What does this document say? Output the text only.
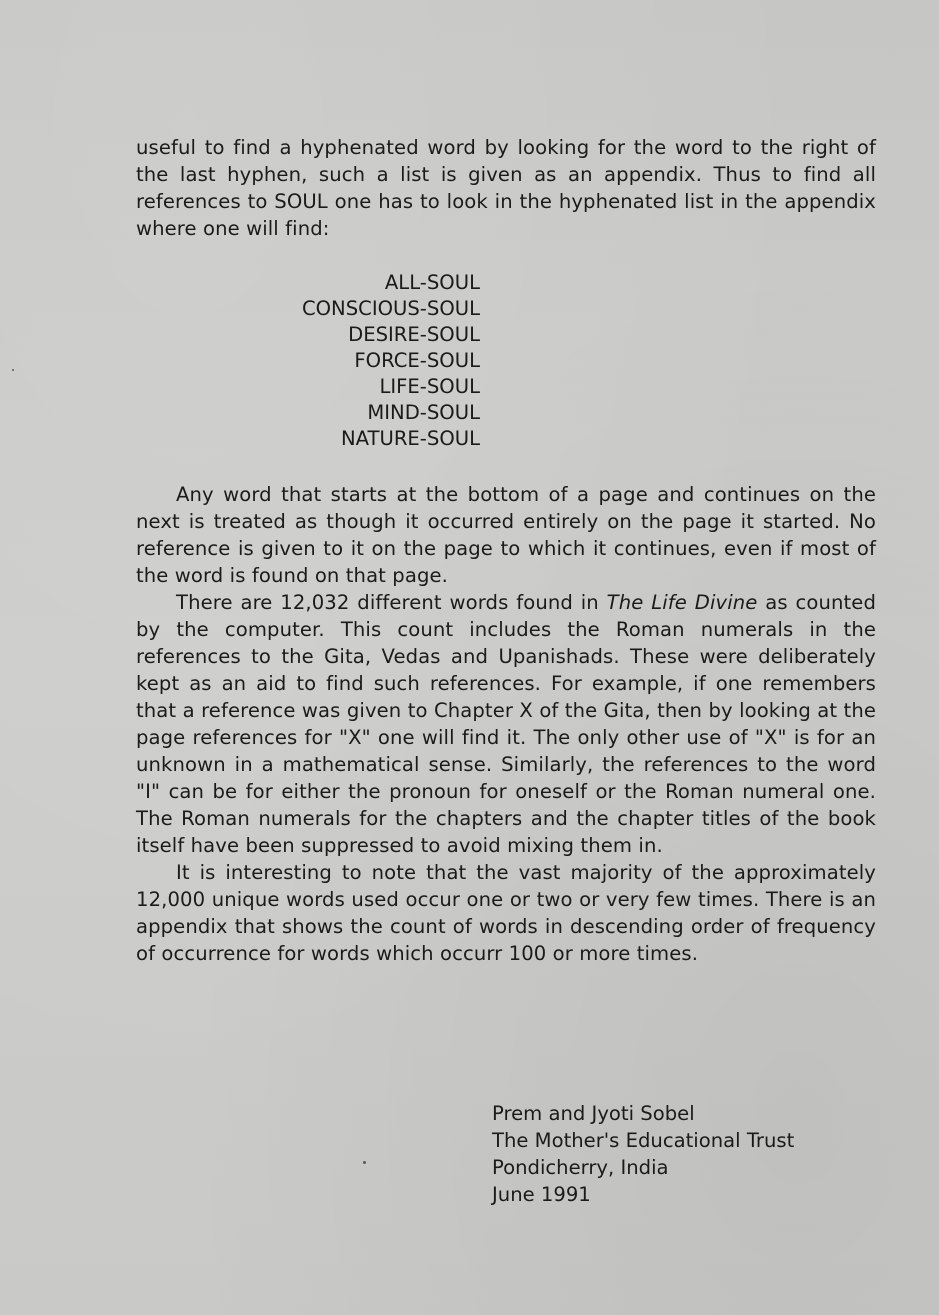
useful to find a hyphenated word by looking for the word to the right of the last hyphen, such a list is given as an appendix. Thus to find all references to SOUL one has to look in the hyphenated list in the appendix where one will find:

ALL-SOUL
CONSCIOUS-SOUL
DESIRE-SOUL
FORCE-SOUL
LIFE-SOUL
MIND-SOUL
NATURE-SOUL

Any word that starts at the bottom of a page and continues on the next is treated as though it occurred entirely on the page it started. No reference is given to it on the page to which it continues, even if most of the word is found on that page.

There are 12,032 different words found in The Life Divine as counted by the computer. This count includes the Roman numerals in the references to the Gita, Vedas and Upanishads. These were deliberately kept as an aid to find such references. For example, if one remembers that a reference was given to Chapter X of the Gita, then by looking at the page references for "X" one will find it. The only other use of "X" is for an unknown in a mathematical sense. Similarly, the references to the word "I" can be for either the pronoun for oneself or the Roman numeral one. The Roman numerals for the chapters and the chapter titles of the book itself have been suppressed to avoid mixing them in.

It is interesting to note that the vast majority of the approximately 12,000 unique words used occur one or two or very few times. There is an appendix that shows the count of words in descending order of frequency of occurrence for words which occurr 100 or more times.

Prem and Jyoti Sobel
The Mother's Educational Trust
Pondicherry, India
June 1991
